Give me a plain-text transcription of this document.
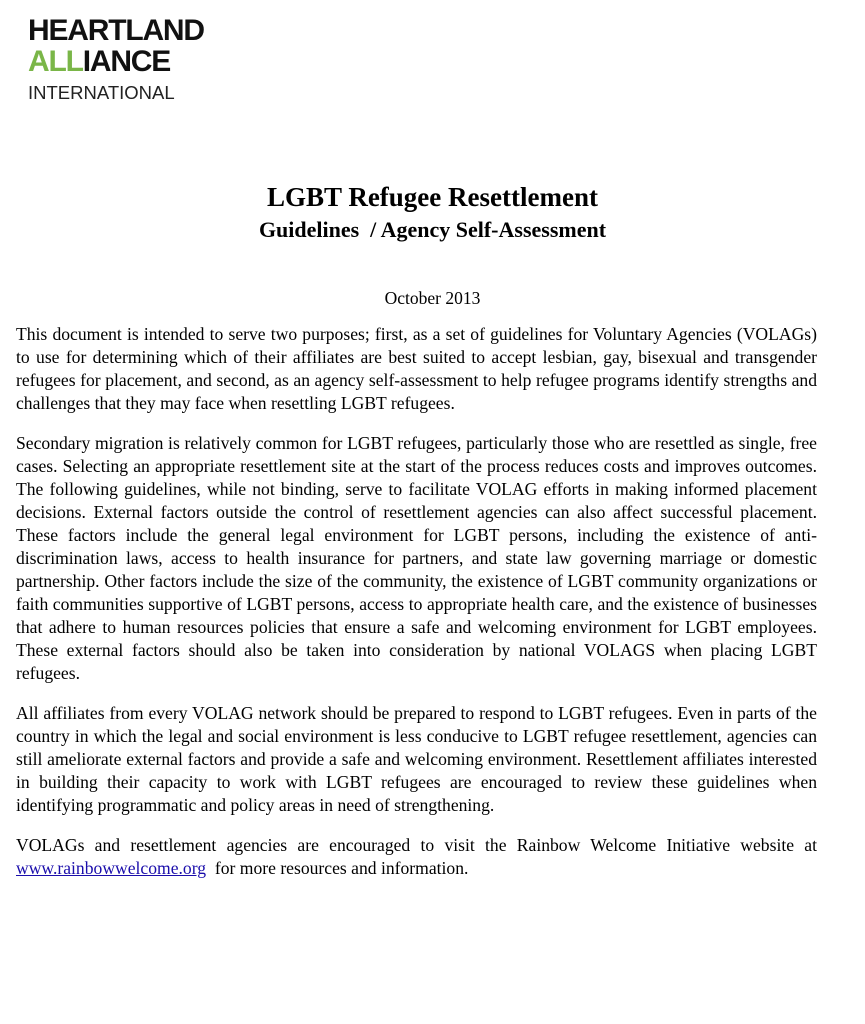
HEARTLAND
ALLIANCE
INTERNATIONAL
LGBT Refugee Resettlement
Guidelines  / Agency Self-Assessment
October 2013

This document is intended to serve two purposes; first, as a set of guidelines for Voluntary Agencies (VOLAGs) to use for determining which of their affiliates are best suited to accept lesbian, gay, bisexual and transgender refugees for placement, and second, as an agency self-assessment to help refugee programs identify strengths and challenges that they may face when resettling LGBT refugees.

Secondary migration is relatively common for LGBT refugees, particularly those who are resettled as single, free cases. Selecting an appropriate resettlement site at the start of the process reduces costs and improves outcomes. The following guidelines, while not binding, serve to facilitate VOLAG efforts in making informed placement decisions. External factors outside the control of resettlement agencies can also affect successful placement. These factors include the general legal environment for LGBT persons, including the existence of anti-discrimination laws, access to health insurance for partners, and state law governing marriage or domestic partnership. Other factors include the size of the community, the existence of LGBT community organizations or faith communities supportive of LGBT persons, access to appropriate health care, and the existence of businesses that adhere to human resources policies that ensure a safe and welcoming environment for LGBT employees. These external factors should also be taken into consideration by national VOLAGS when placing LGBT refugees.

All affiliates from every VOLAG network should be prepared to respond to LGBT refugees. Even in parts of the country in which the legal and social environment is less conducive to LGBT refugee resettlement, agencies can still ameliorate external factors and provide a safe and welcoming environment. Resettlement affiliates interested in building their capacity to work with LGBT refugees are encouraged to review these guidelines when identifying programmatic and policy areas in need of strengthening.

VOLAGs and resettlement agencies are encouraged to visit the Rainbow Welcome Initiative website at www.rainbowwelcome.org  for more resources and information.
